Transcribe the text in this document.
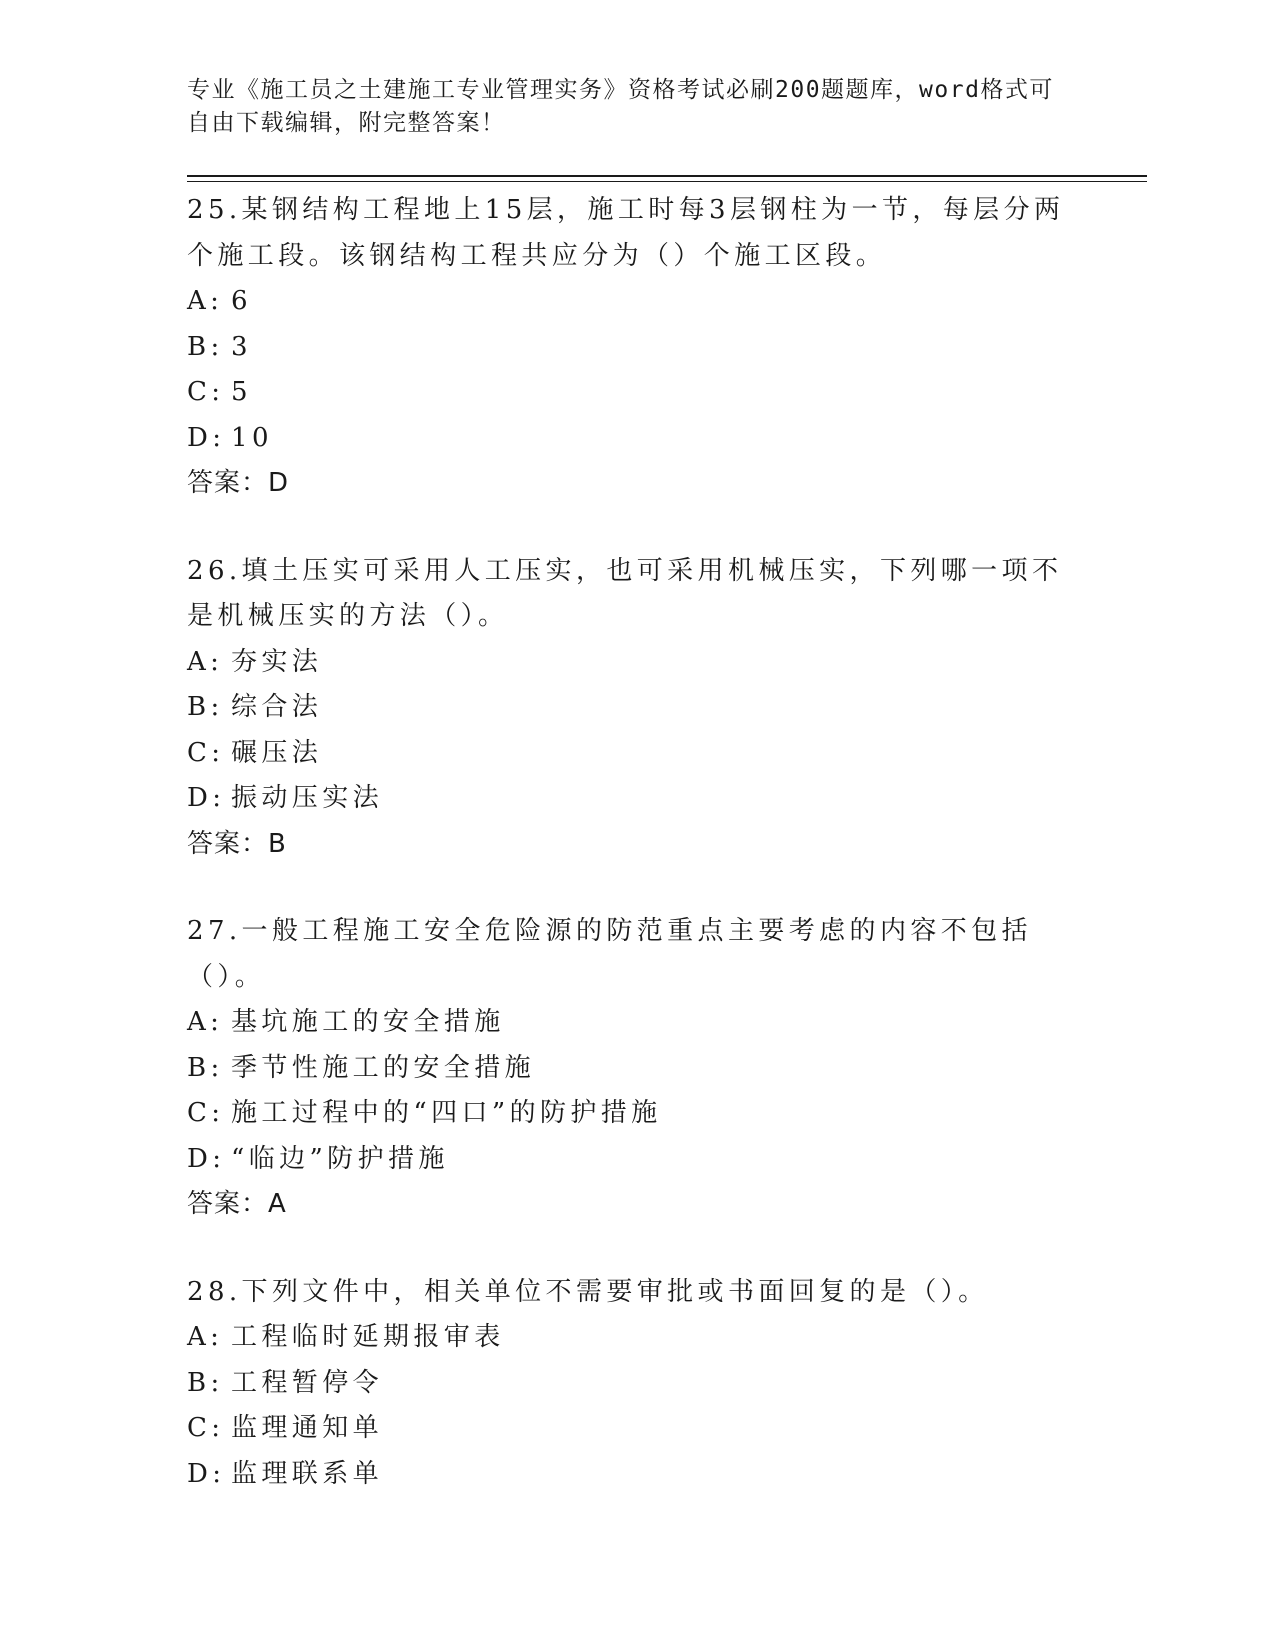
专业《施工员之土建施工专业管理实务》资格考试必刷200题题库，word格式可
自由下载编辑，附完整答案！

25.某钢结构工程地上15层，施工时每3层钢柱为一节，每层分两个施工段。该钢结构工程共应分为（）个施工区段。

A: 6
B: 3
C: 5
D: 10

答案：D

26.填土压实可采用人工压实，也可采用机械压实，下列哪一项不是机械压实的方法（）。

A: 夯实法
B: 综合法
C: 碾压法
D: 振动压实法

答案：B

27.一般工程施工安全危险源的防范重点主要考虑的内容不包括（）。

A: 基坑施工的安全措施
B: 季节性施工的安全措施
C: 施工过程中的“四口”的防护措施
D: “临边”防护措施

答案：A

28.下列文件中，相关单位不需要审批或书面回复的是（）。

A: 工程临时延期报审表
B: 工程暂停令
C: 监理通知单
D: 监理联系单
